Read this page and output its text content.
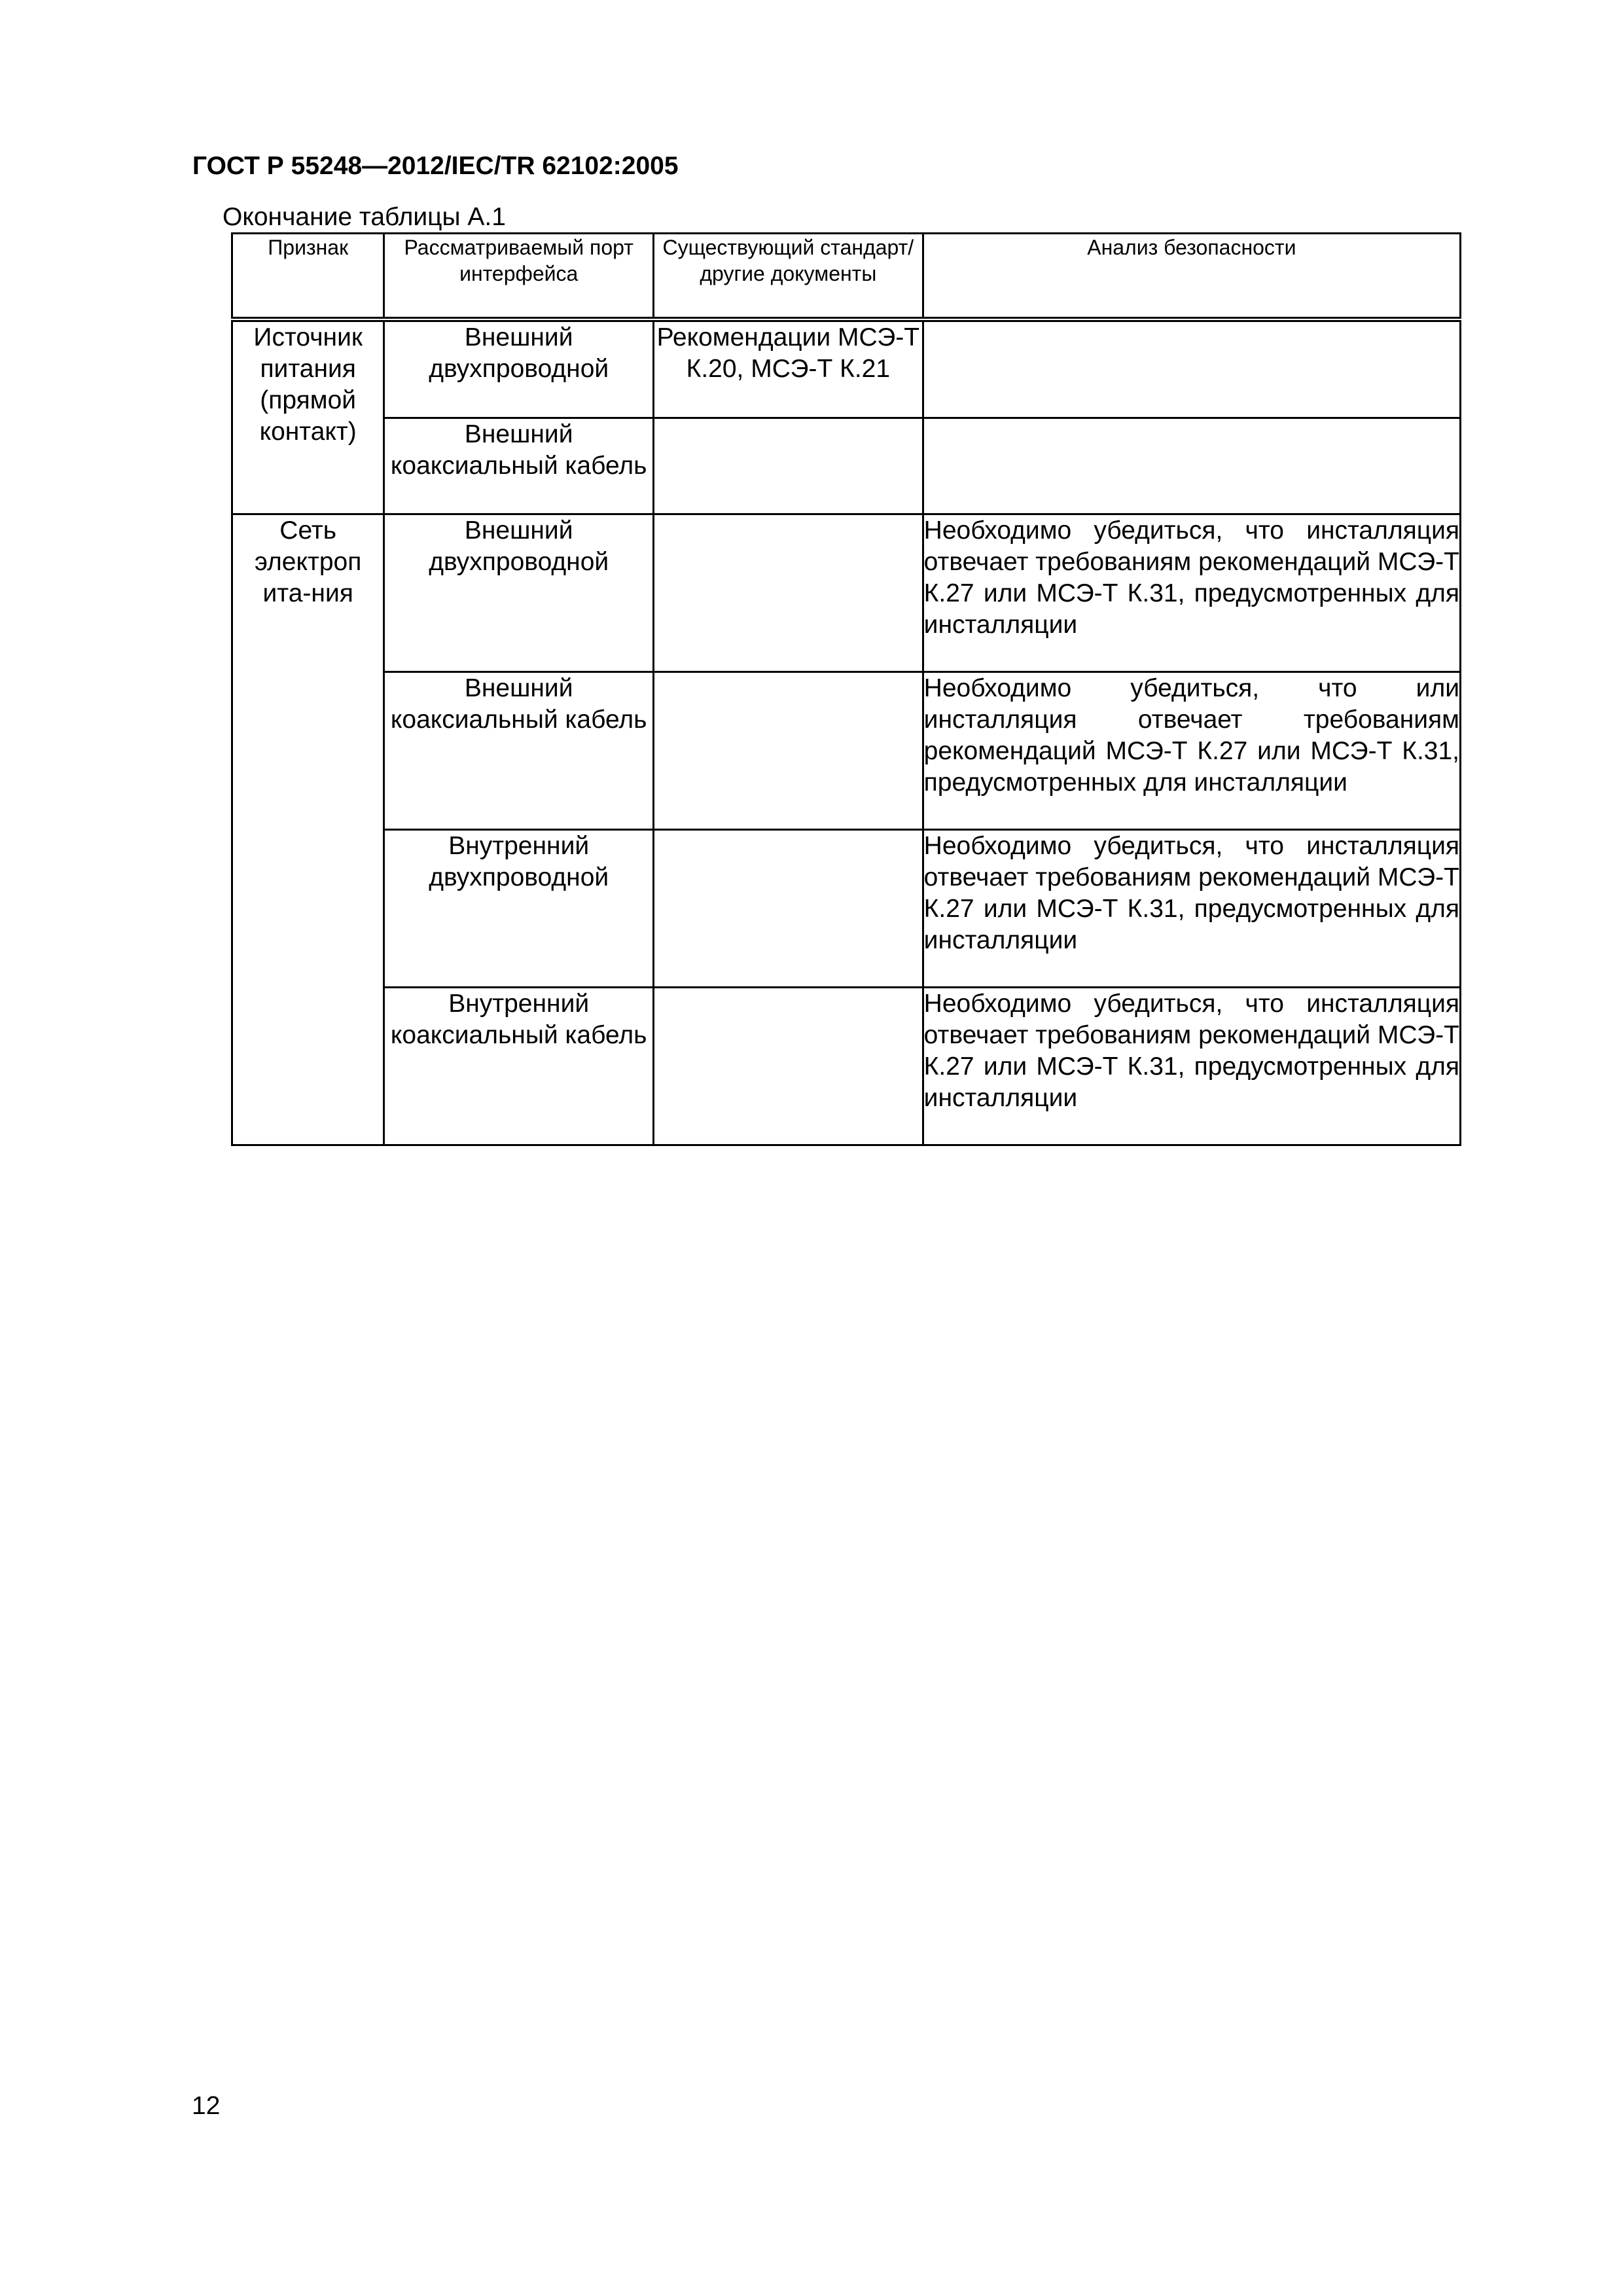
ГОСТ Р 55248—2012/IEC/TR 62102:2005
Окончание таблицы А.1
Признак	Рассматриваемый порт интерфейса	Существующий стандарт/другие документы	Анализ безопасности

Источник питания (прямой контакт)	Внешний двухпроводной	Рекомендации МСЭ-Т К.20, МСЭ-Т К.21	

	Внешний коаксиальный кабель		

Сеть электроп ита-ния	Внешний двухпроводной		Необходимо убедиться, что инсталляция отвечает требованиям рекомендаций МСЭ-Т К.27 или МСЭ-Т К.31, предусмотренных для инсталляции

	Внешний коаксиальный кабель		Необходимо убедиться, что или инсталляция отвечает требованиям рекомендаций МСЭ-Т К.27 или МСЭ-Т К.31, предусмотренных для инсталляции

	Внутренний двухпроводной		Необходимо убедиться, что инсталляция отвечает требованиям рекомендаций МСЭ-Т К.27 или МСЭ-Т К.31, предусмотренных для инсталляции

	Внутренний коаксиальный кабель		Необходимо убедиться, что инсталляция отвечает требованиям рекомендаций МСЭ-Т К.27 или МСЭ-Т К.31, предусмотренных для инсталляции
12
